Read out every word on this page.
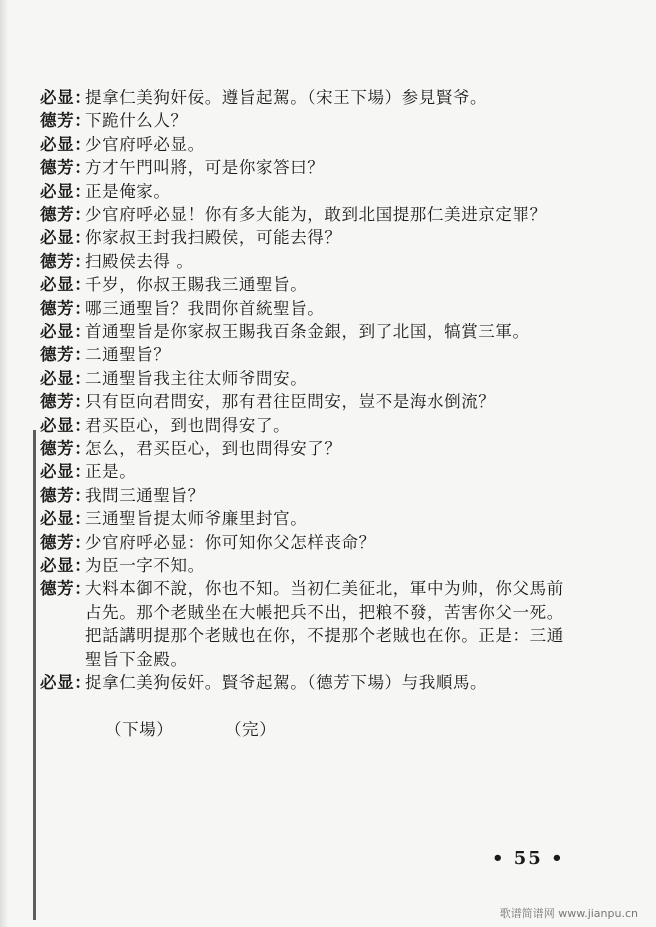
必显：提拿仁美狗奸佞。遵旨起駕。（宋王下場）参見賢爷。
德芳：下跪什么人？
必显：少官府呼必显。
德芳：方才午門叫將，可是你家答曰？
必显：正是俺家。
德芳：少官府呼必显！你有多大能为，敢到北国提那仁美进京定罪？
必显：你家叔王封我扫殿侯，可能去得？
德芳：扫殿侯去得 。
必显：千岁，你叔王賜我三通聖旨。
德芳：哪三通聖旨？我問你首統聖旨。
必显：首通聖旨是你家叔王賜我百条金銀，到了北国，犒賞三軍。
德芳：二通聖旨？
必显：二通聖旨我主往太师爷問安。
德芳：只有臣向君問安，那有君往臣問安，豈不是海水倒流？
必显：君买臣心，到也問得安了。
德芳：怎么，君买臣心，到也問得安了？
必显：正是。
德芳：我問三通聖旨？
必显：三通聖旨提太师爷廉里封官。
德芳：少官府呼必显：你可知你父怎样丧命？
必显：为臣一字不知。
德芳：大料本御不說，你也不知。当初仁美征北，軍中为帅，你父馬前
占先。那个老賊坐在大帳把兵不出，把粮不發，苦害你父一死。
把話講明提那个老賊也在你，不提那个老賊也在你。正是：三通
聖旨下金殿。
必显：捉拿仁美狗佞奸。賢爷起駕。（德芳下場）与我順馬。
（下場）	（完）
• 55 •
歌谱简谱网 www.jianpu.cn
